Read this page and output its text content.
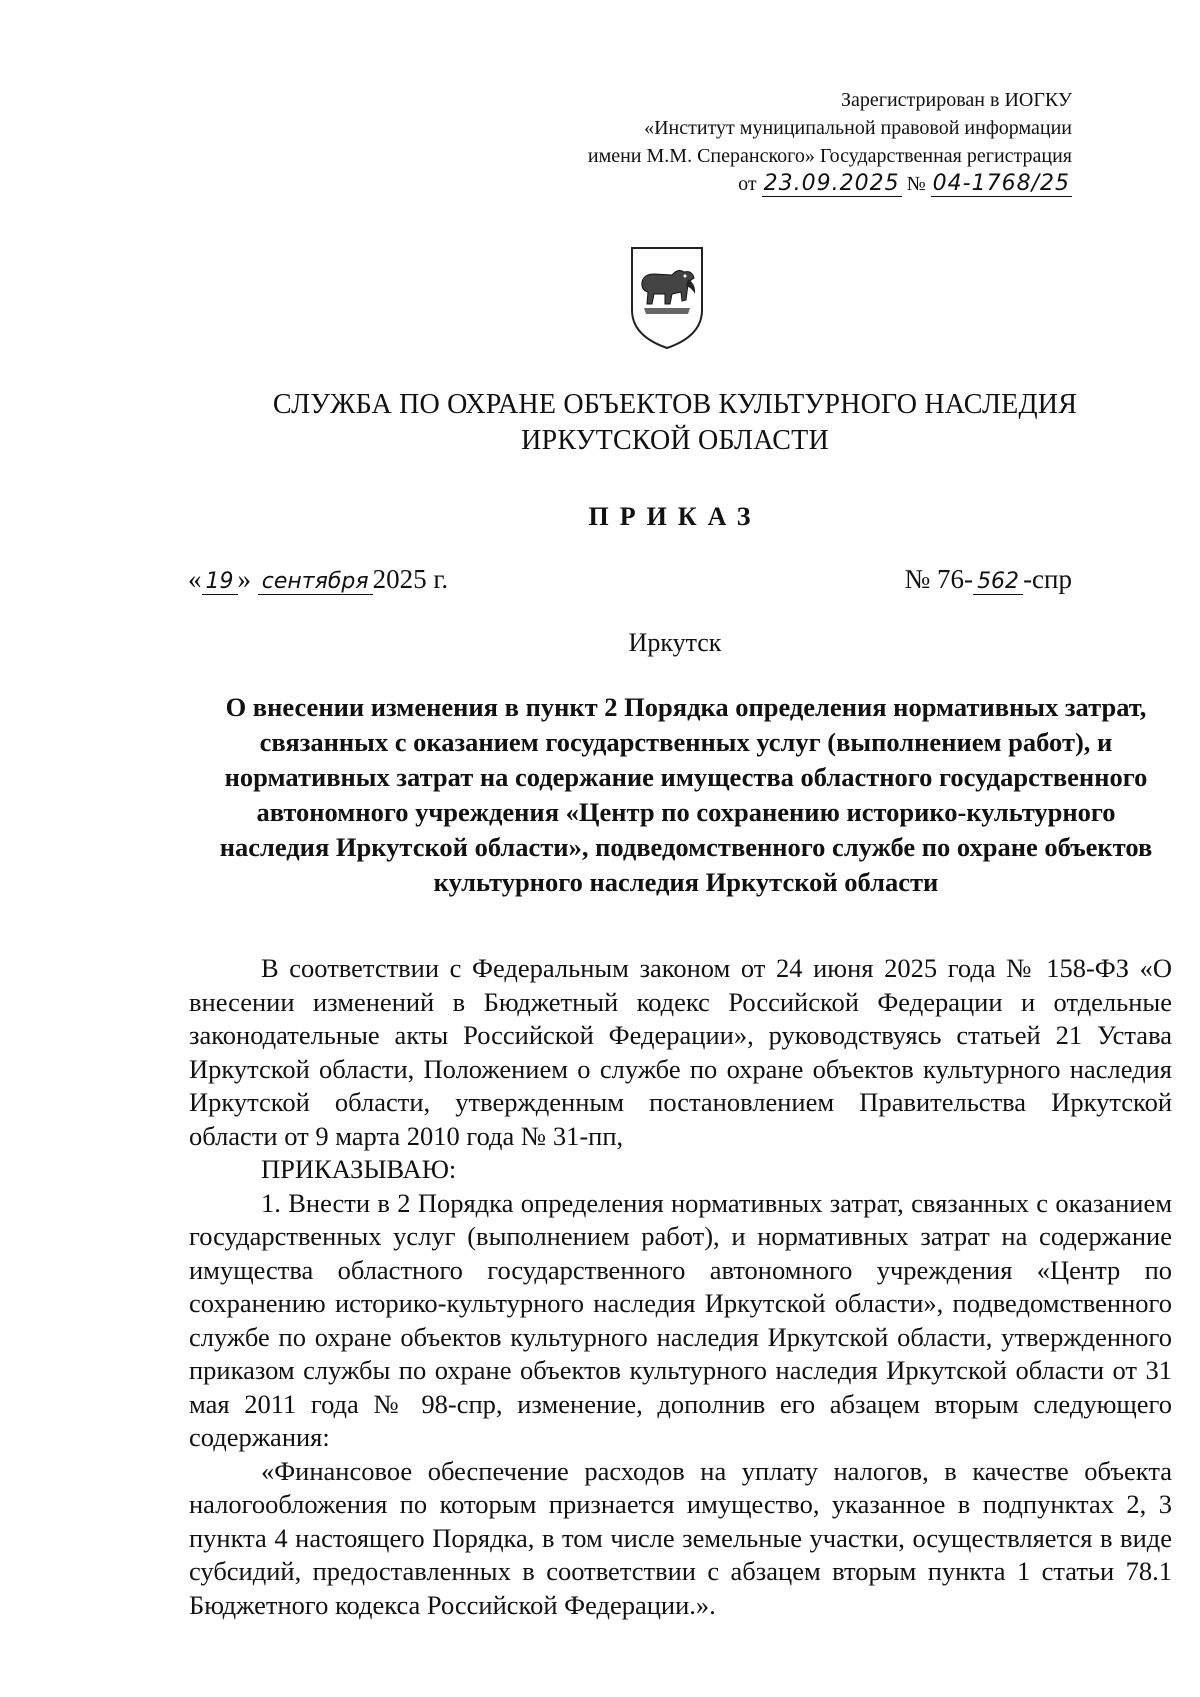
Зарегистрирован в ИОГКУ
«Институт муниципальной правовой информации
имени М.М. Сперанского» Государственная регистрация
от 23.09.2025 № 04-1768/25
СЛУЖБА ПО ОХРАНЕ ОБЪЕКТОВ КУЛЬТУРНОГО НАСЛЕДИЯ
ИРКУТСКОЙ ОБЛАСТИ
ПРИКАЗ
« 19 » сентября 2025 г.	№ 76- 562 -спр
Иркутск
О внесении изменения в пункт 2 Порядка определения нормативных затрат, связанных с оказанием государственных услуг (выполнением работ), и нормативных затрат на содержание имущества областного государственного автономного учреждения «Центр по сохранению историко-культурного наследия Иркутской области», подведомственного службе по охране объектов культурного наследия Иркутской области

В соответствии с Федеральным законом от 24 июня 2025 года № 158-ФЗ «О внесении изменений в Бюджетный кодекс Российской Федерации и отдельные законодательные акты Российской Федерации», руководствуясь статьей 21 Устава Иркутской области, Положением о службе по охране объектов культурного наследия Иркутской области, утвержденным постановлением Правительства Иркутской области от 9 марта 2010 года № 31-пп,

ПРИКАЗЫВАЮ:

1. Внести в 2 Порядка определения нормативных затрат, связанных с оказанием государственных услуг (выполнением работ), и нормативных затрат на содержание имущества областного государственного автономного учреждения «Центр по сохранению историко-культурного наследия Иркутской области», подведомственного службе по охране объектов культурного наследия Иркутской области, утвержденного приказом службы по охране объектов культурного наследия Иркутской области от 31 мая 2011 года № 98-спр, изменение, дополнив его абзацем вторым следующего содержания:

«Финансовое обеспечение расходов на уплату налогов, в качестве объекта налогообложения по которым признается имущество, указанное в подпунктах 2, 3 пункта 4 настоящего Порядка, в том числе земельные участки, осуществляется в виде субсидий, предоставленных в соответствии с абзацем вторым пункта 1 статьи 78.1 Бюджетного кодекса Российской Федерации.».
